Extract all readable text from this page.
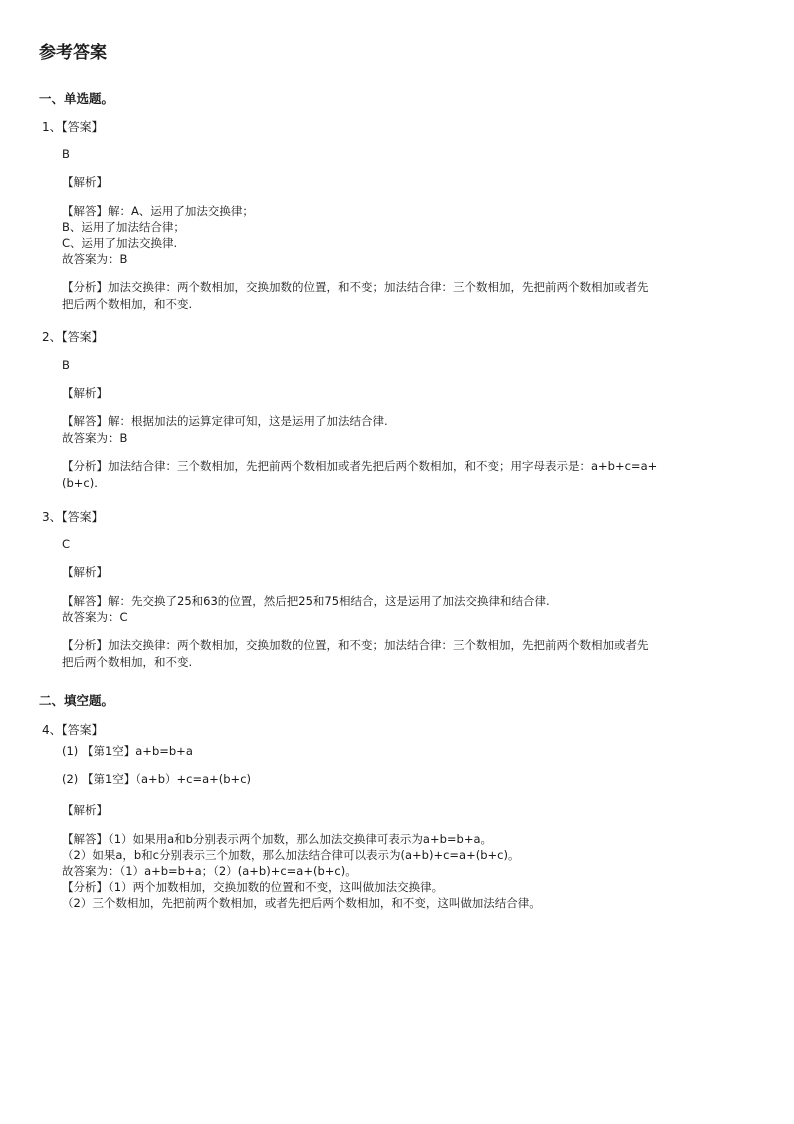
参考答案
一、单选题。
1、【答案】
B
【解析】
【解答】解：A、运用了加法交换律；
B、运用了加法结合律；
C、运用了加法交换律.
故答案为：B
【分析】加法交换律：两个数相加，交换加数的位置，和不变；加法结合律：三个数相加，先把前两个数相加或者先
把后两个数相加，和不变.
2、【答案】
B
【解析】
【解答】解：根据加法的运算定律可知，这是运用了加法结合律.
故答案为：B
【分析】加法结合律：三个数相加，先把前两个数相加或者先把后两个数相加，和不变；用字母表示是：a+b+c=a+
(b+c).
3、【答案】
C
【解析】
【解答】解：先交换了25和63的位置，然后把25和75相结合，这是运用了加法交换律和结合律.
故答案为：C
【分析】加法交换律：两个数相加，交换加数的位置，和不变；加法结合律：三个数相加，先把前两个数相加或者先
把后两个数相加，和不变.
二、填空题。
4、【答案】
(1) 【第1空】a+b=b+a
(2) 【第1空】（a+b）+c=a+(b+c)
【解析】
【解答】（1）如果用a和b分别表示两个加数，那么加法交换律可表示为a+b=b+a。
（2）如果a，b和c分别表示三个加数，那么加法结合律可以表示为(a+b)+c=a+(b+c)。
故答案为：（1）a+b=b+a；（2）(a+b)+c=a+(b+c)。
【分析】（1）两个加数相加，交换加数的位置和不变，这叫做加法交换律。
（2）三个数相加，先把前两个数相加，或者先把后两个数相加，和不变，这叫做加法结合律。
